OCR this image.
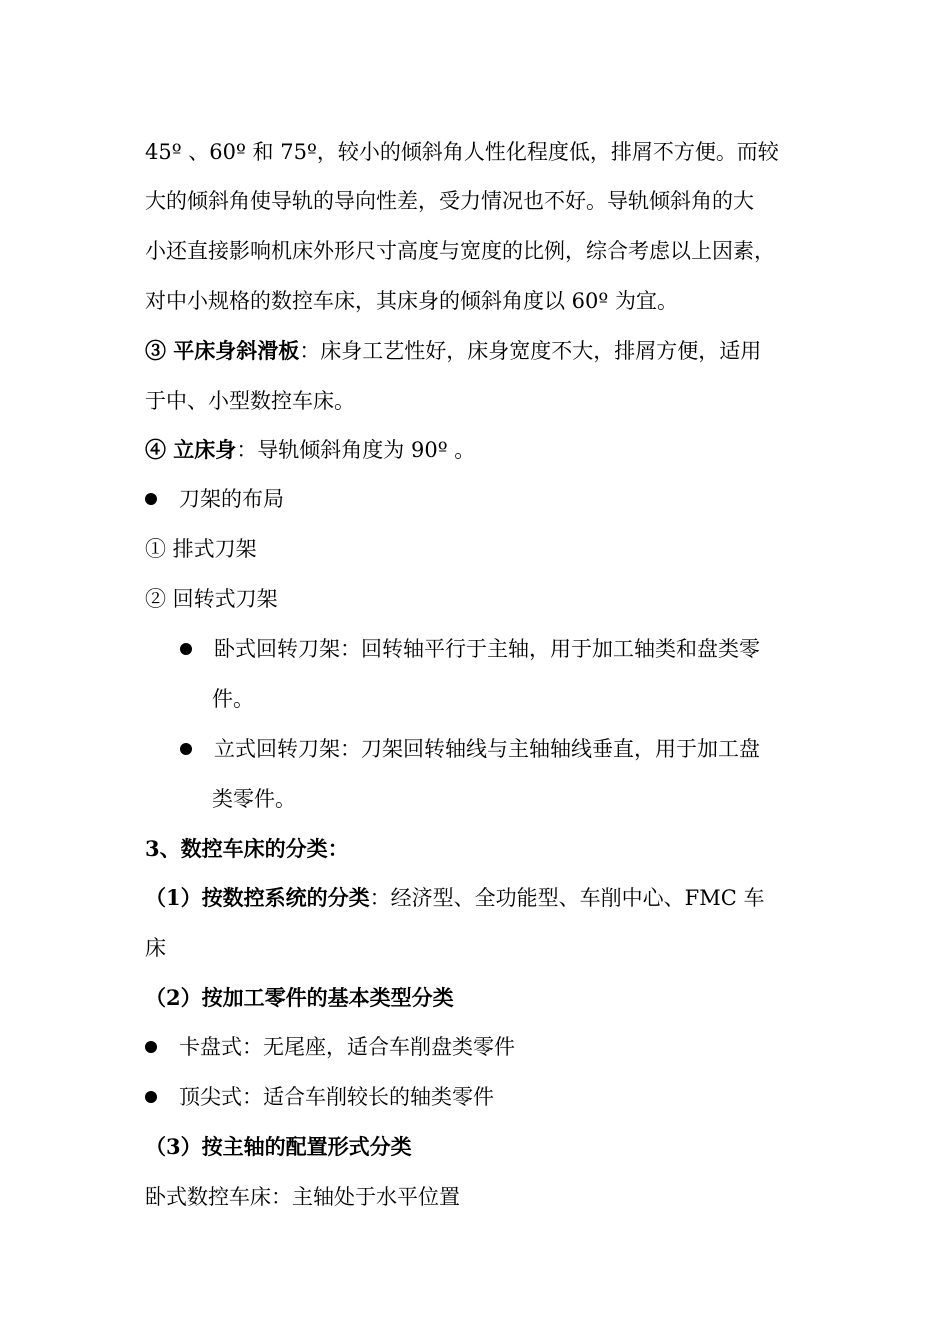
45º 、60º 和 75º，较小的倾斜角人性化程度低，排屑不方便。而较

大的倾斜角使导轨的导向性差，受力情况也不好。导轨倾斜角的大

小还直接影响机床外形尺寸高度与宽度的比例，综合考虑以上因素，

对中小规格的数控车床，其床身的倾斜角度以 60º 为宜。

③ 平床身斜滑板：床身工艺性好，床身宽度不大，排屑方便，适用

于中、小型数控车床。

④ 立床身：导轨倾斜角度为 90º 。

刀架的布局

① 排式刀架

② 回转式刀架

卧式回转刀架：回转轴平行于主轴，用于加工轴类和盘类零

件。

立式回转刀架：刀架回转轴线与主轴轴线垂直，用于加工盘

类零件。

3、数控车床的分类：

（1）按数控系统的分类：经济型、全功能型、车削中心、FMC 车

床

（2）按加工零件的基本类型分类

卡盘式：无尾座，适合车削盘类零件

顶尖式：适合车削较长的轴类零件

（3）按主轴的配置形式分类

卧式数控车床：主轴处于水平位置
